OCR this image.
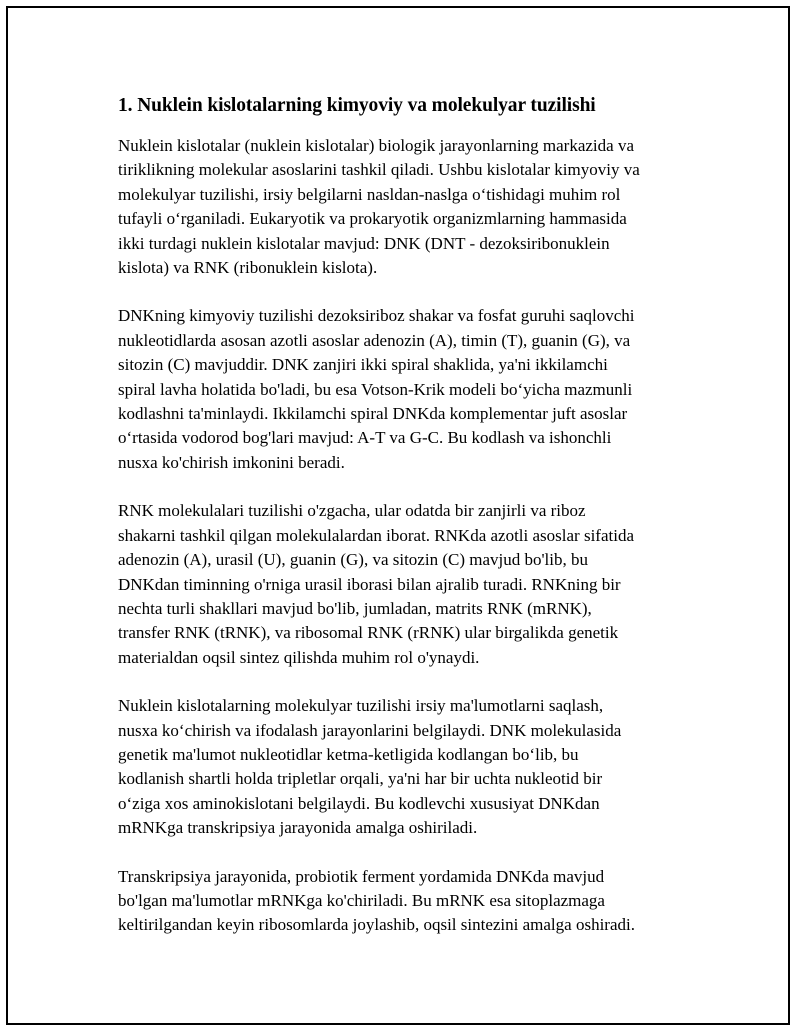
1. Nuklein kislotalarning kimyoviy va molekulyar tuzilishi
Nuklein kislotalar (nuklein kislotalar) biologik jarayonlarning markazida va
tiriklikning molekular asoslarini tashkil qiladi. Ushbu kislotalar kimyoviy va
molekulyar tuzilishi, irsiy belgilarni nasldan-naslga oʻtishidagi muhim rol
tufayli oʻrganiladi. Eukaryotik va prokaryotik organizmlarning hammasida
ikki turdagi nuklein kislotalar mavjud: DNK (DNT - dezoksiribonuklein
kislota) va RNK (ribonuklein kislota).
DNKning kimyoviy tuzilishi dezoksiriboz shakar va fosfat guruhi saqlovchi
nukleotidlarda asosan azotli asoslar adenozin (A), timin (T), guanin (G), va
sitozin (C) mavjuddir. DNK zanjiri ikki spiral shaklida, ya'ni ikkilamchi
spiral lavha holatida bo'ladi, bu esa Votson-Krik modeli boʻyicha mazmunli
kodlashni ta'minlaydi. Ikkilamchi spiral DNKda komplementar juft asoslar
oʻrtasida vodorod bog'lari mavjud: A-T va G-C. Bu kodlash va ishonchli
nusxa ko'chirish imkonini beradi.
RNK molekulalari tuzilishi o'zgacha, ular odatda bir zanjirli va riboz
shakarni tashkil qilgan molekulalardan iborat. RNKda azotli asoslar sifatida
adenozin (A), urasil (U), guanin (G), va sitozin (C) mavjud bo'lib, bu
DNKdan timinning o'rniga urasil iborasi bilan ajralib turadi. RNKning bir
nechta turli shakllari mavjud bo'lib, jumladan, matrits RNK (mRNK),
transfer RNK (tRNK), va ribosomal RNK (rRNK) ular birgalikda genetik
materialdan oqsil sintez qilishda muhim rol o'ynaydi.
Nuklein kislotalarning molekulyar tuzilishi irsiy ma'lumotlarni saqlash,
nusxa koʻchirish va ifodalash jarayonlarini belgilaydi. DNK molekulasida
genetik ma'lumot nukleotidlar ketma-ketligida kodlangan boʻlib, bu
kodlanish shartli holda tripletlar orqali, ya'ni har bir uchta nukleotid bir
oʻziga xos aminokislotani belgilaydi. Bu kodlevchi xususiyat DNKdan
mRNKga transkripsiya jarayonida amalga oshiriladi.
Transkripsiya jarayonida, probiotik ferment yordamida DNKda mavjud
bo'lgan ma'lumotlar mRNKga ko'chiriladi. Bu mRNK esa sitoplazmaga
keltirilgandan keyin ribosomlarda joylashib, oqsil sintezini amalga oshiradi.
